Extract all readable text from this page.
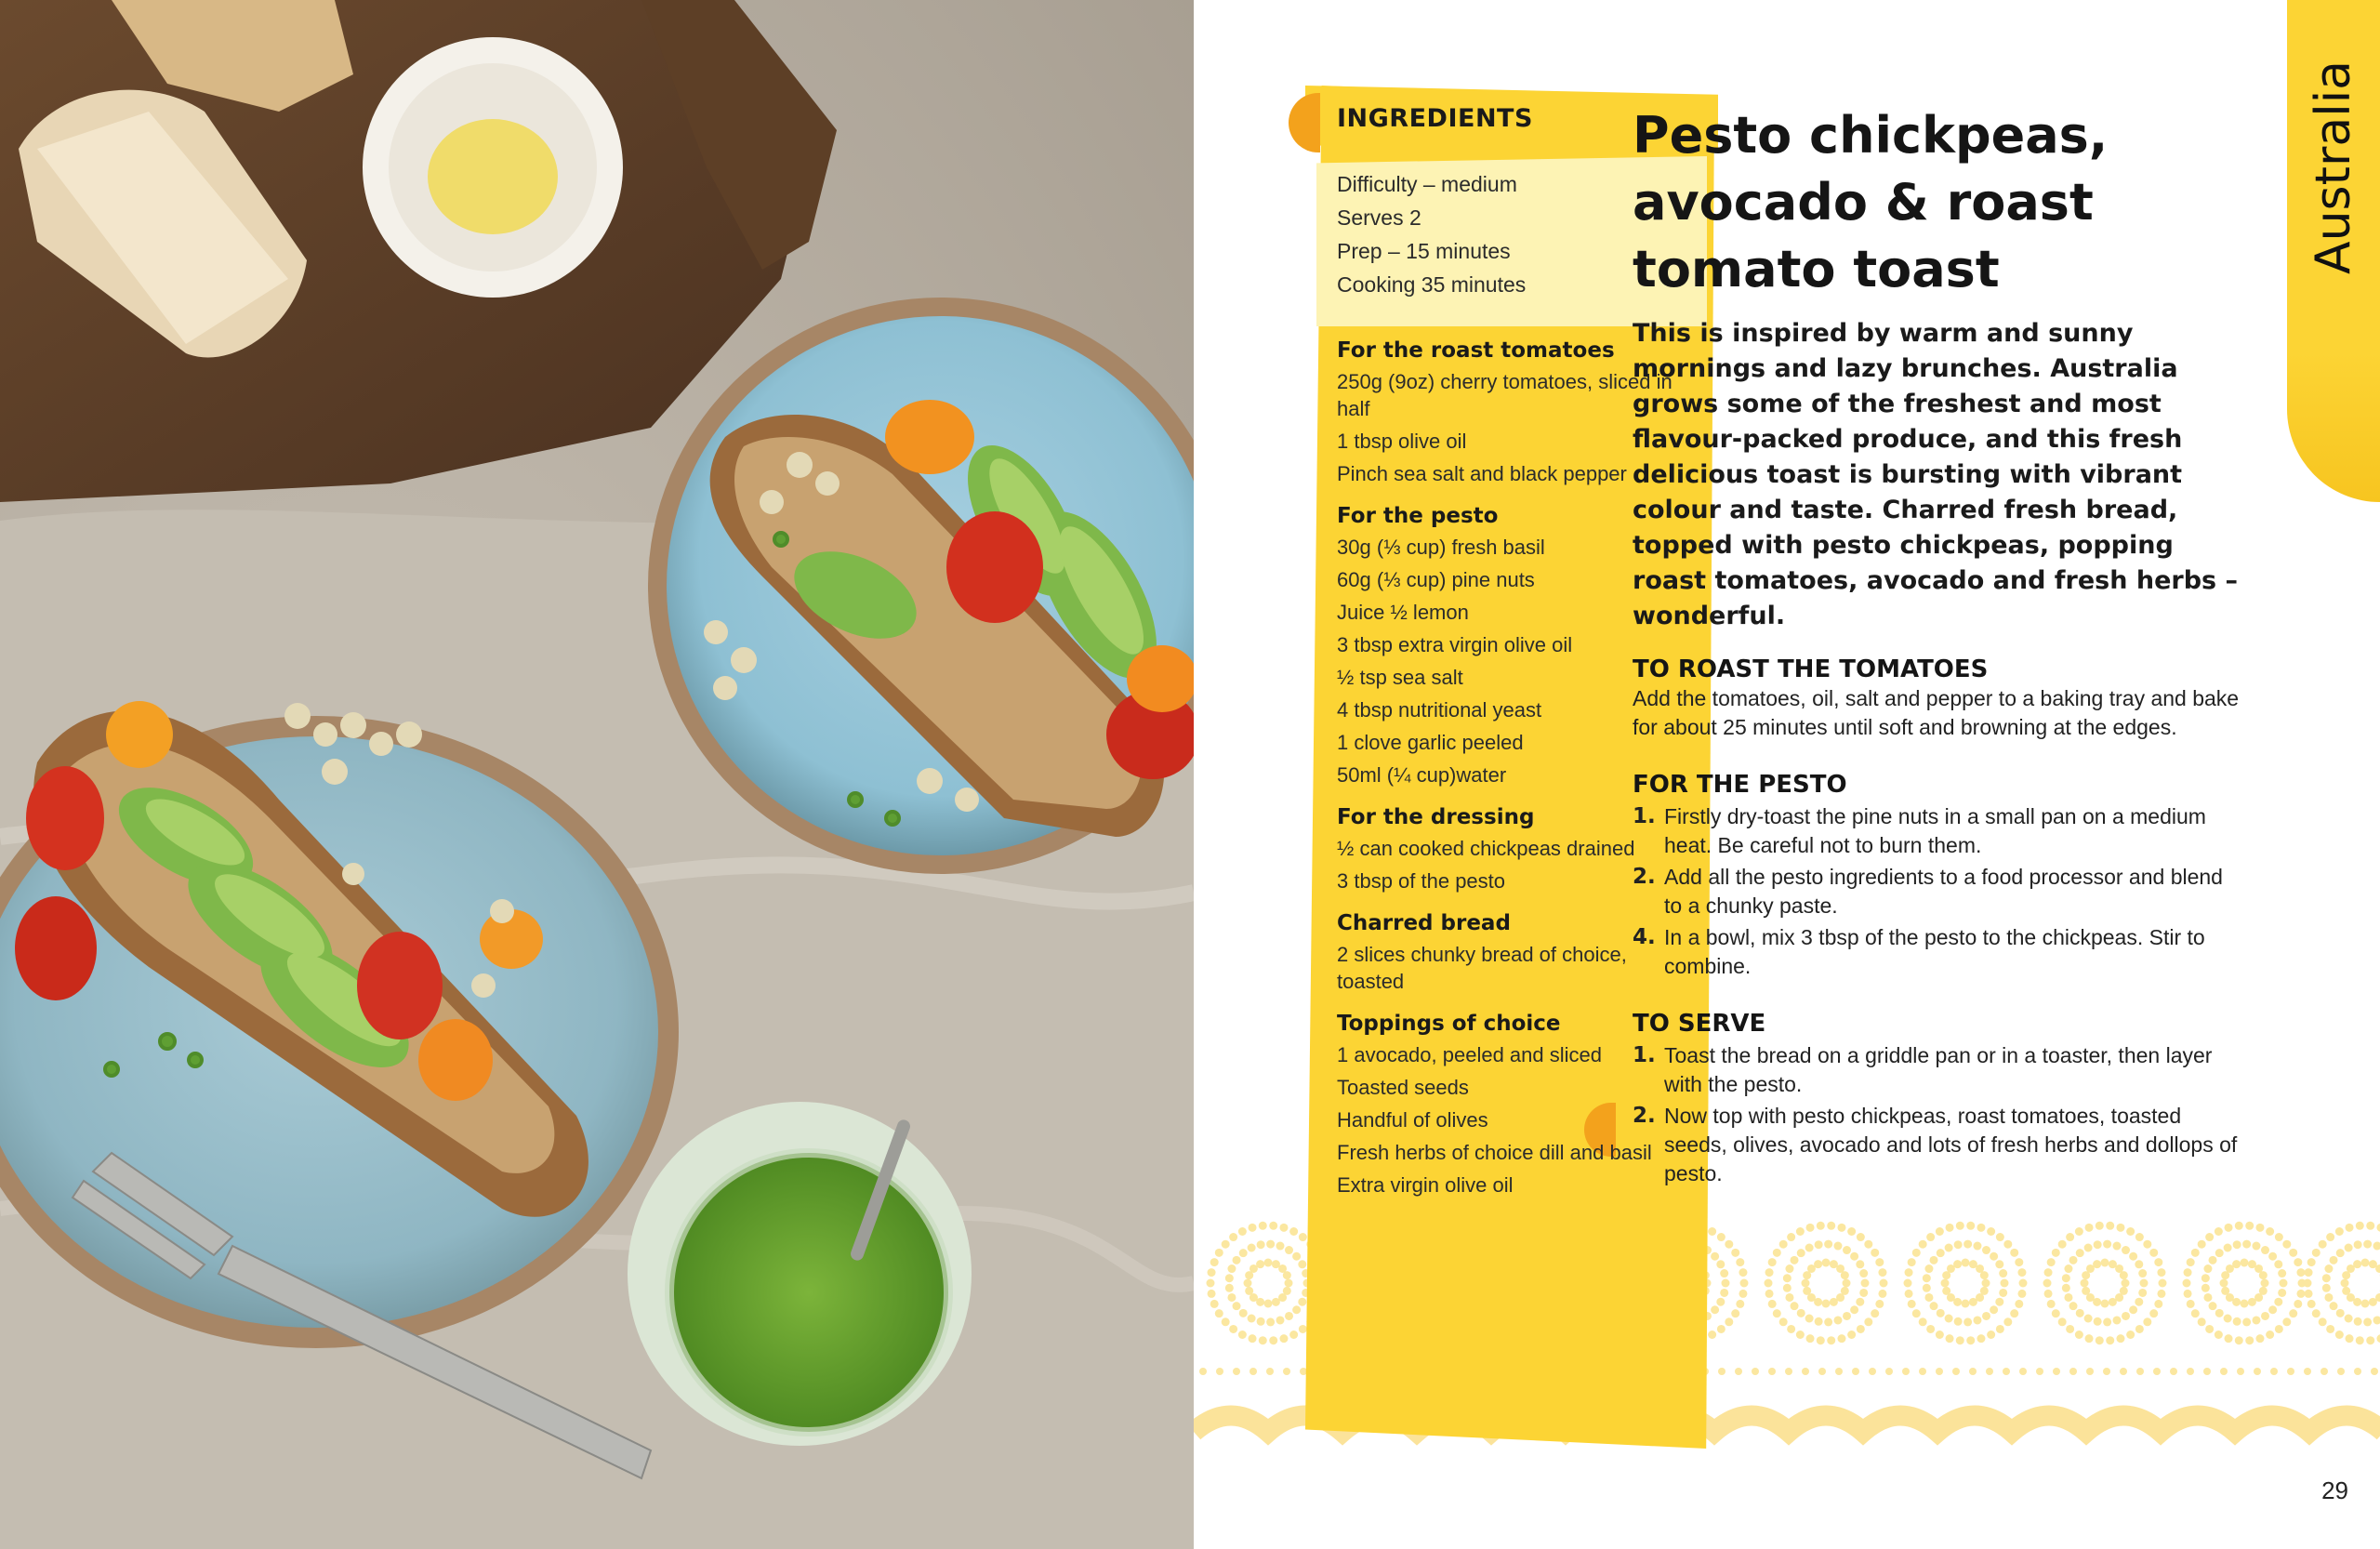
INGREDIENTS
Difficulty – medium
Serves 2
Prep – 15 minutes
Cooking 35 minutes
For the roast tomatoes
250g (9oz) cherry tomatoes, sliced in half
1 tbsp olive oil
Pinch sea salt and black pepper
For the pesto
30g (⅓ cup) fresh basil
60g (⅓ cup) pine nuts
Juice ½ lemon
3 tbsp extra virgin olive oil
½ tsp sea salt
4 tbsp nutritional yeast
1 clove garlic peeled
50ml (¼ cup)water
For the dressing
½ can cooked chickpeas drained
3 tbsp of the pesto
Charred bread
2 slices chunky bread of choice, toasted
Toppings of choice
1 avocado, peeled and sliced
Toasted seeds
Handful of olives
Fresh herbs of choice dill and basil
Extra virgin olive oil
Pesto chickpeas, avocado & roast tomato toast

This is inspired by warm and sunny mornings and lazy brunches. Australia grows some of the freshest and most flavour-packed produce, and this fresh delicious toast is bursting with vibrant colour and taste. Charred fresh bread, topped with pesto chickpeas, popping roast tomatoes, avocado and fresh herbs – wonderful.

TO ROAST THE TOMATOES

Add the tomatoes, oil, salt and pepper to a baking tray and bake for about 25 minutes until soft and browning at the edges.

FOR THE PESTO
1. Firstly dry-toast the pine nuts in a small pan on a medium heat. Be careful not to burn them.
2. Add all the pesto ingredients to a food processor and blend to a chunky paste.
4. In a bowl, mix 3 tbsp of the pesto to the chickpeas. Stir to combine.
TO SERVE
1. Toast the bread on a griddle pan or in a toaster, then layer with the pesto.
2. Now top with pesto chickpeas, roast tomatoes, toasted seeds, olives, avocado and lots of fresh herbs and dollops of pesto.
Australia
29
